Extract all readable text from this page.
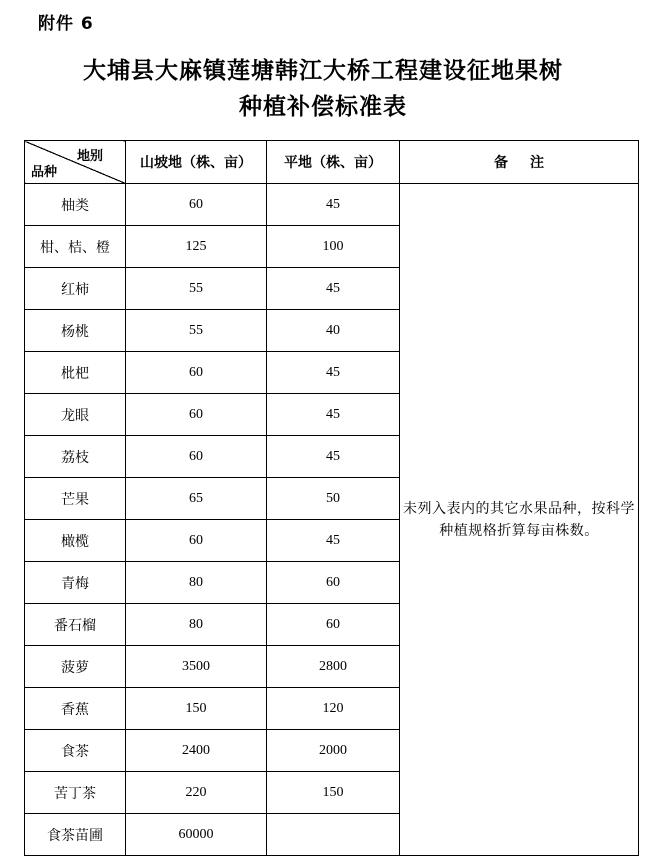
附件 6
大埔县大麻镇莲塘韩江大桥工程建设征地果树
种植补偿标准表
地别
品种	山坡地（株、亩）	平地（株、亩）	备注
柚类	60	45	未列入表内的其它水果品种，按科学种植规格折算每亩株数。
柑、桔、橙	125	100	
红柿	55	45	
杨桃	55	40	
枇杷	60	45	
龙眼	60	45	
荔枝	60	45	
芒果	65	50	
橄榄	60	45	
青梅	80	60	
番石榴	80	60	
菠萝	3500	2800	
香蕉	150	120	
食茶	2400	2000	
苦丁茶	220	150	
食茶苗圃	60000		
